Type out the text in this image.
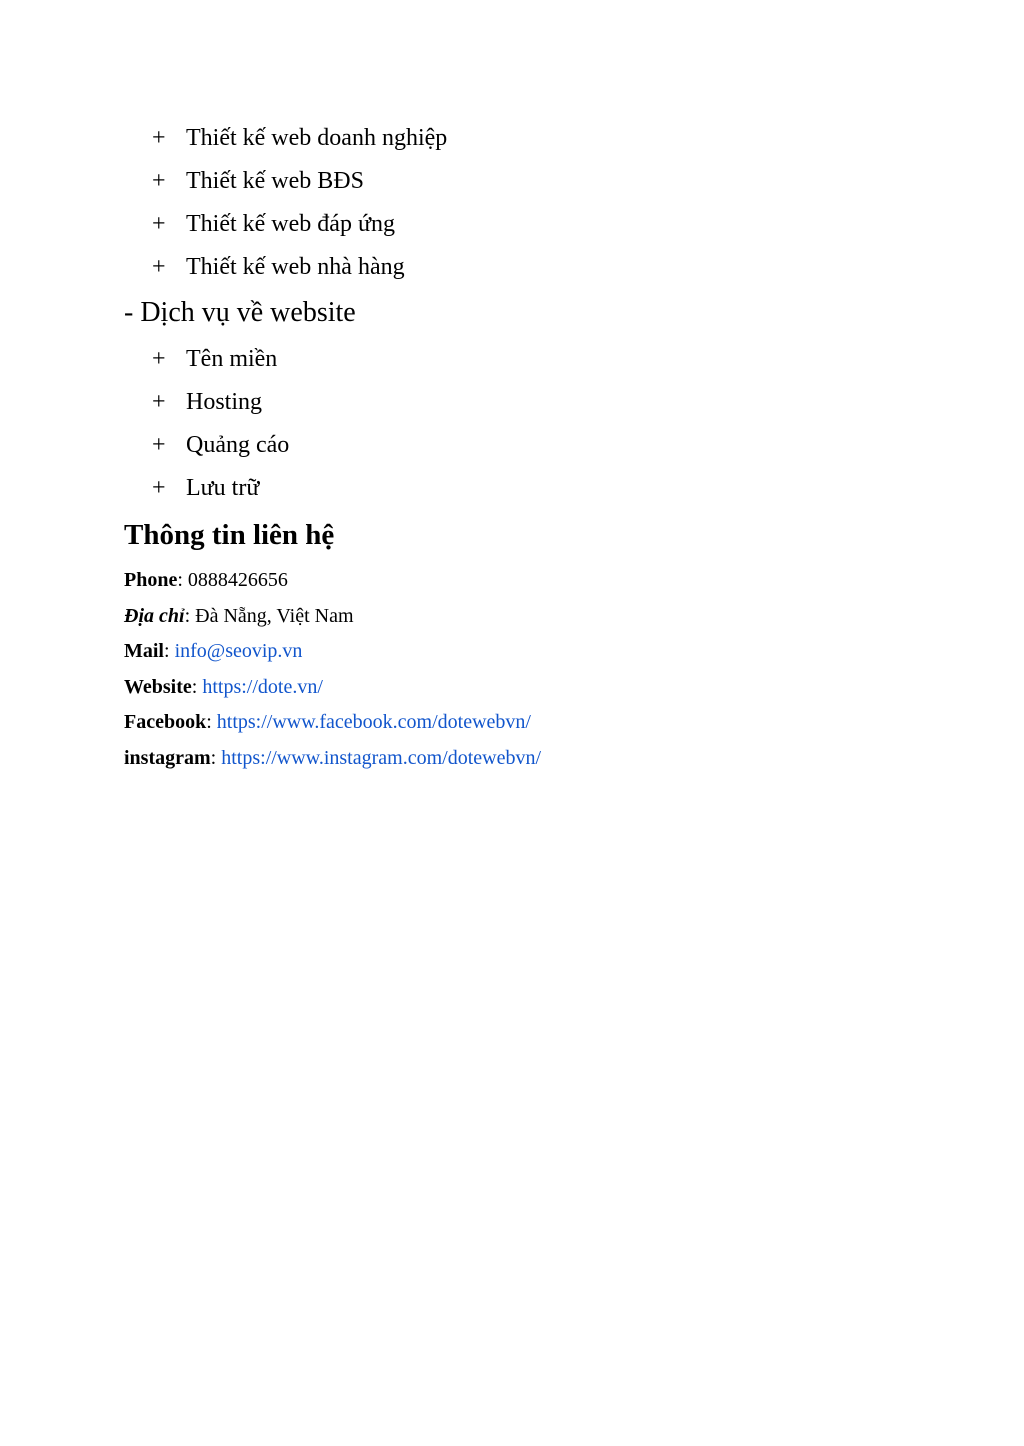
+ Thiết kế web doanh nghiệp
+ Thiết kế web BĐS
+ Thiết kế web đáp ứng
+ Thiết kế web nhà hàng
- Dịch vụ về website
+ Tên miền
+ Hosting
+ Quảng cáo
+ Lưu trữ
Thông tin liên hệ
Phone: 0888426656
Địa chỉ: Đà Nẵng, Việt Nam
Mail: info@seovip.vn
Website: https://dote.vn/
Facebook: https://www.facebook.com/dotewebvn/
instagram: https://www.instagram.com/dotewebvn/
